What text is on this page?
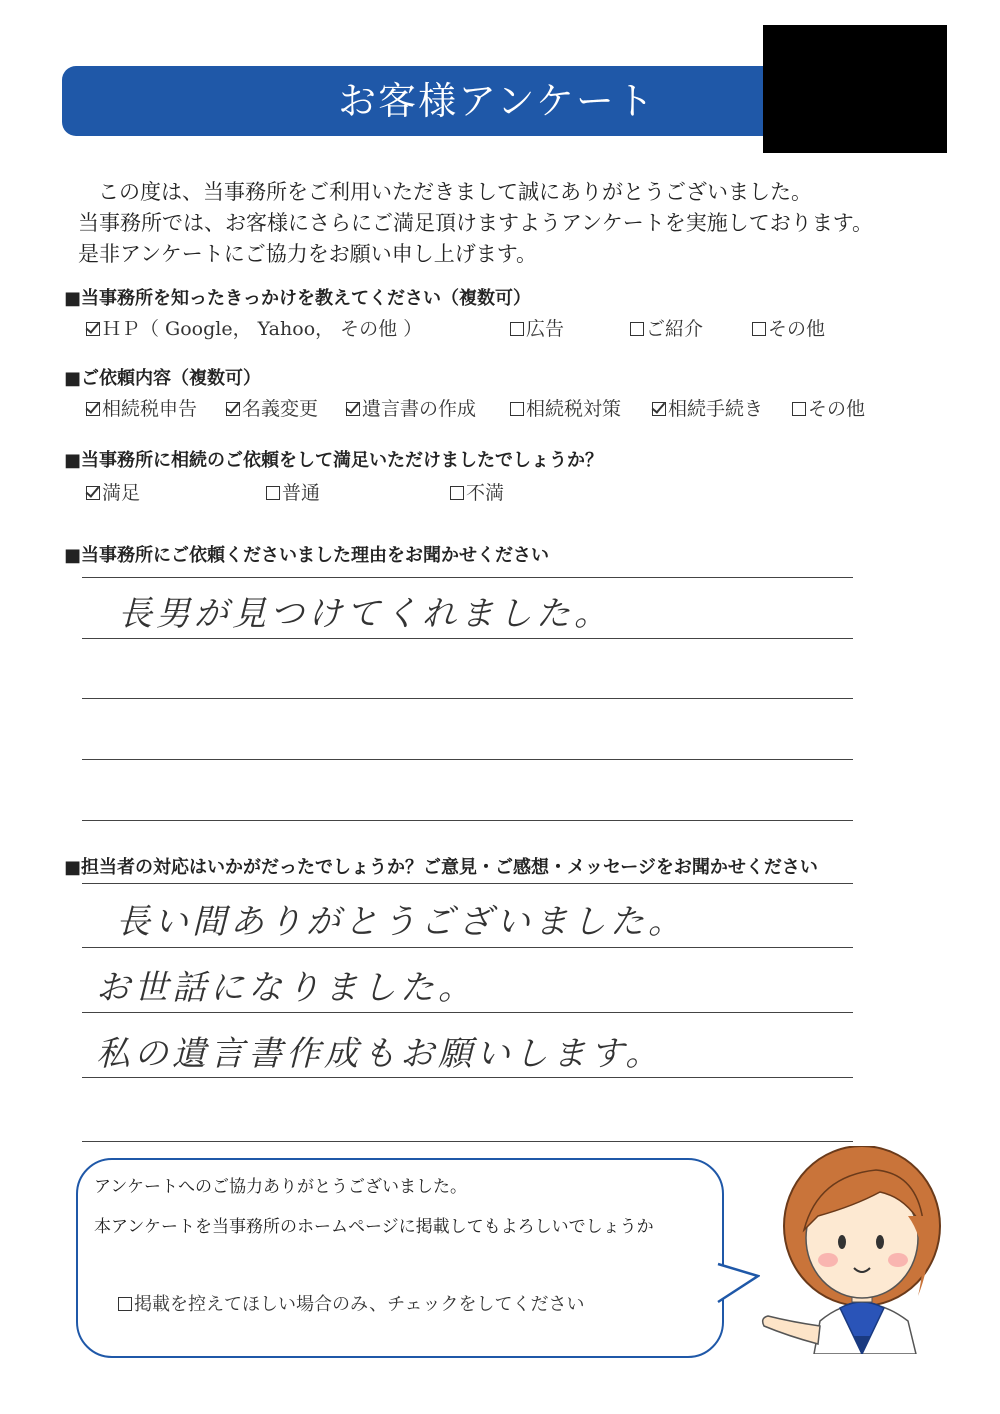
お客様アンケート
この度は、当事務所をご利用いただきまして誠にありがとうございました。
当事務所では、お客様にさらにご満足頂けますようアンケートを実施しております。
是非アンケートにご協力をお願い申し上げます。
■当事務所を知ったきっかけを教えてください（複数可）
ＨＰ（ Google， Yahoo， その他 ）	広告	ご紹介	その他
■ご依頼内容（複数可）
相続税申告	名義変更	遺言書の作成	相続税対策	相続手続き	その他
■当事務所に相続のご依頼をして満足いただけましたでしょうか？
満足	普通	不満
■当事務所にご依頼くださいました理由をお聞かせください
長男が見つけてくれました。
■担当者の対応はいかがだったでしょうか？ご意見・ご感想・メッセージをお聞かせください
長い間ありがとうございました。
お世話になりました。
私の遺言書作成もお願いします。
アンケートへのご協力ありがとうございました。
本アンケートを当事務所のホームページに掲載してもよろしいでしょうか
掲載を控えてほしい場合のみ、チェックをしてください
